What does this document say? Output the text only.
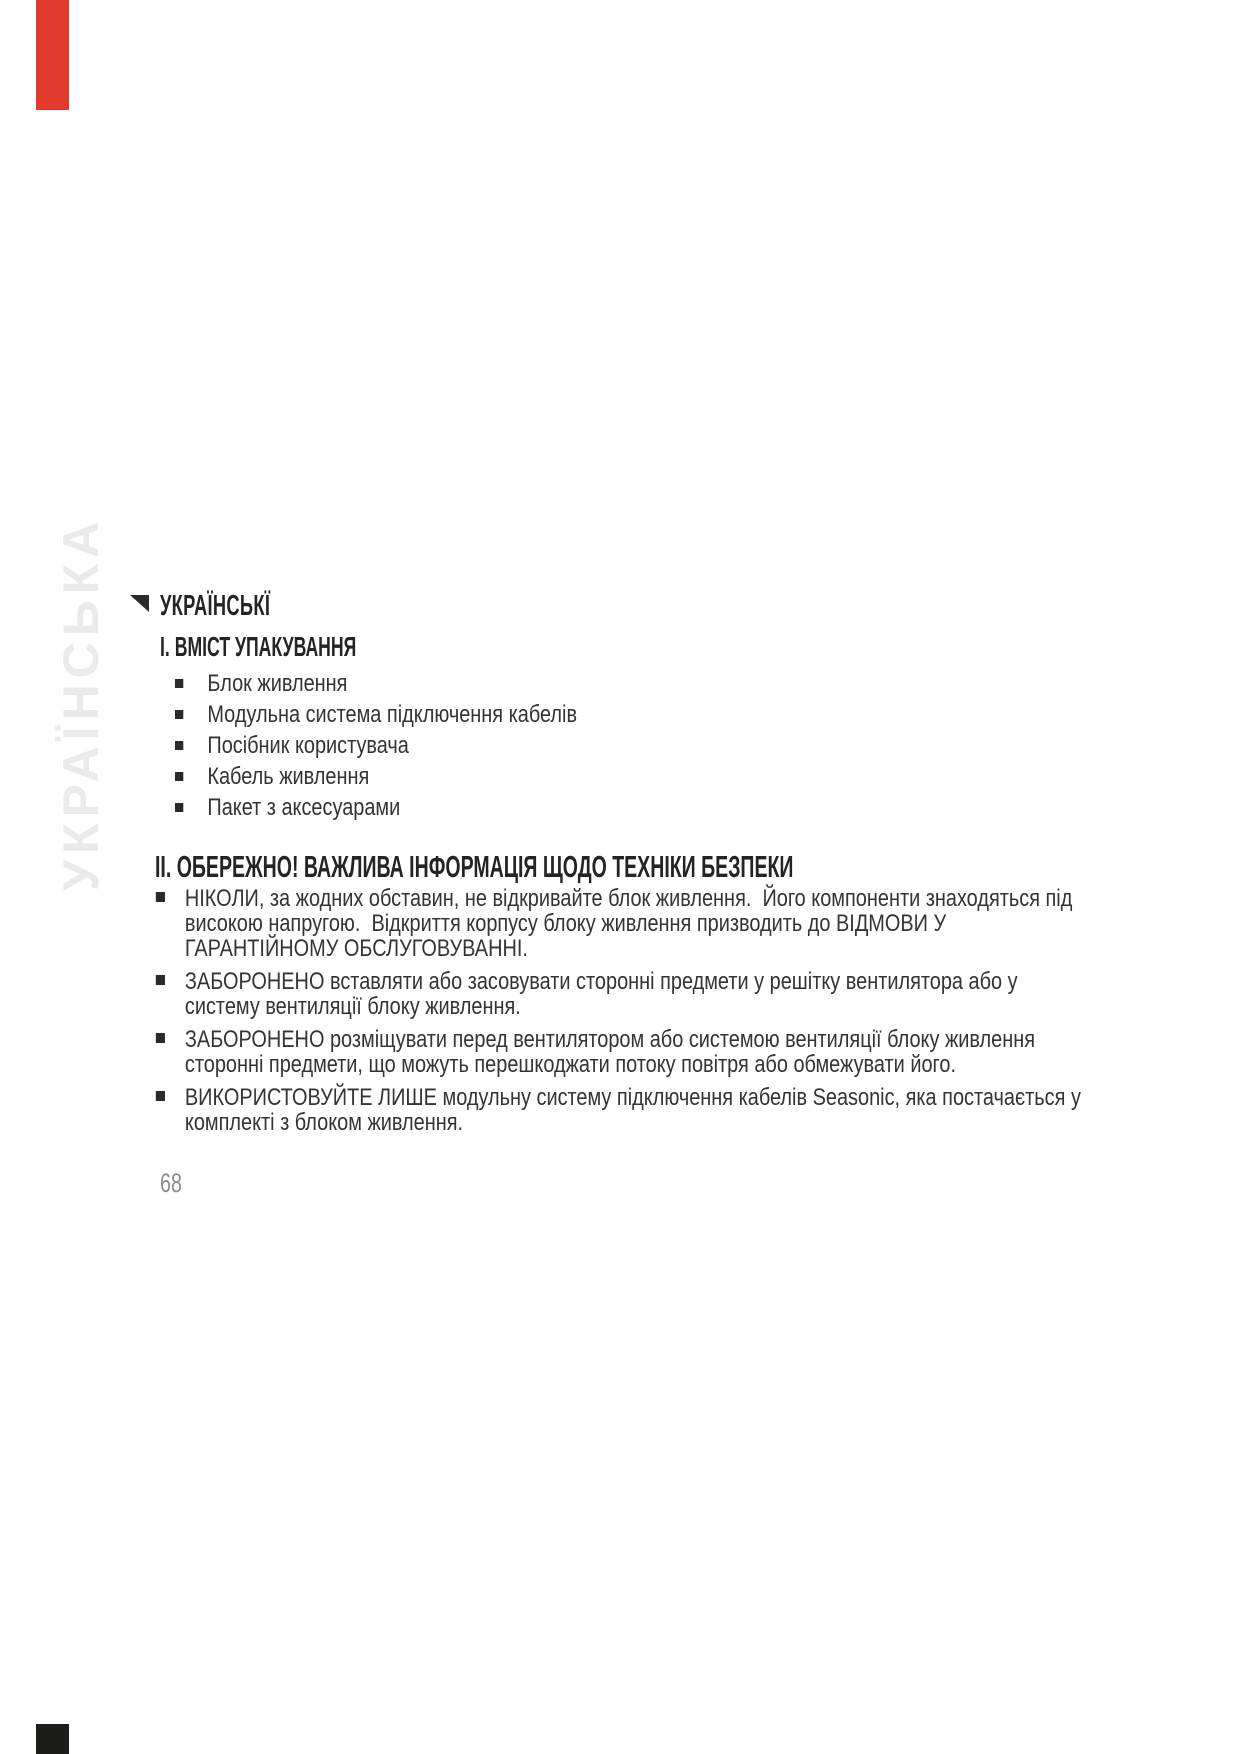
УКРАЇНСЬКА УКРАЇНСЬКЇ
I. ВМІСТ УПАКУВАННЯ
Блок живлення
Модульна система підключення кабелів
Посібник користувача
Кабель живлення
Пакет з аксесуарами
II. ОБЕРЕЖНО! ВАЖЛИВА ІНФОРМАЦІЯ ЩОДО ТЕХНІКИ БЕЗПЕКИ
НІКОЛИ, за жодних обставин, не відкривайте блок живлення.  Його компоненти знаходяться під високою напругою.  Відкриття корпусу блоку живлення призводить до ВІДМОВИ У ГАРАНТІЙНОМУ ОБСЛУГОВУВАННІ.
ЗАБОРОНЕНО вставляти або засовувати сторонні предмети у решітку вентилятора або у систему вентиляції блоку живлення.
ЗАБОРОНЕНО розміщувати перед вентилятором або системою вентиляції блоку живлення сторонні предмети, що можуть перешкоджати потоку повітря або обмежувати його.
ВИКОРИСТОВУЙТЕ ЛИШЕ модульну систему підключення кабелів Seasonic, яка постачається у комплекті з блоком живлення.
68
